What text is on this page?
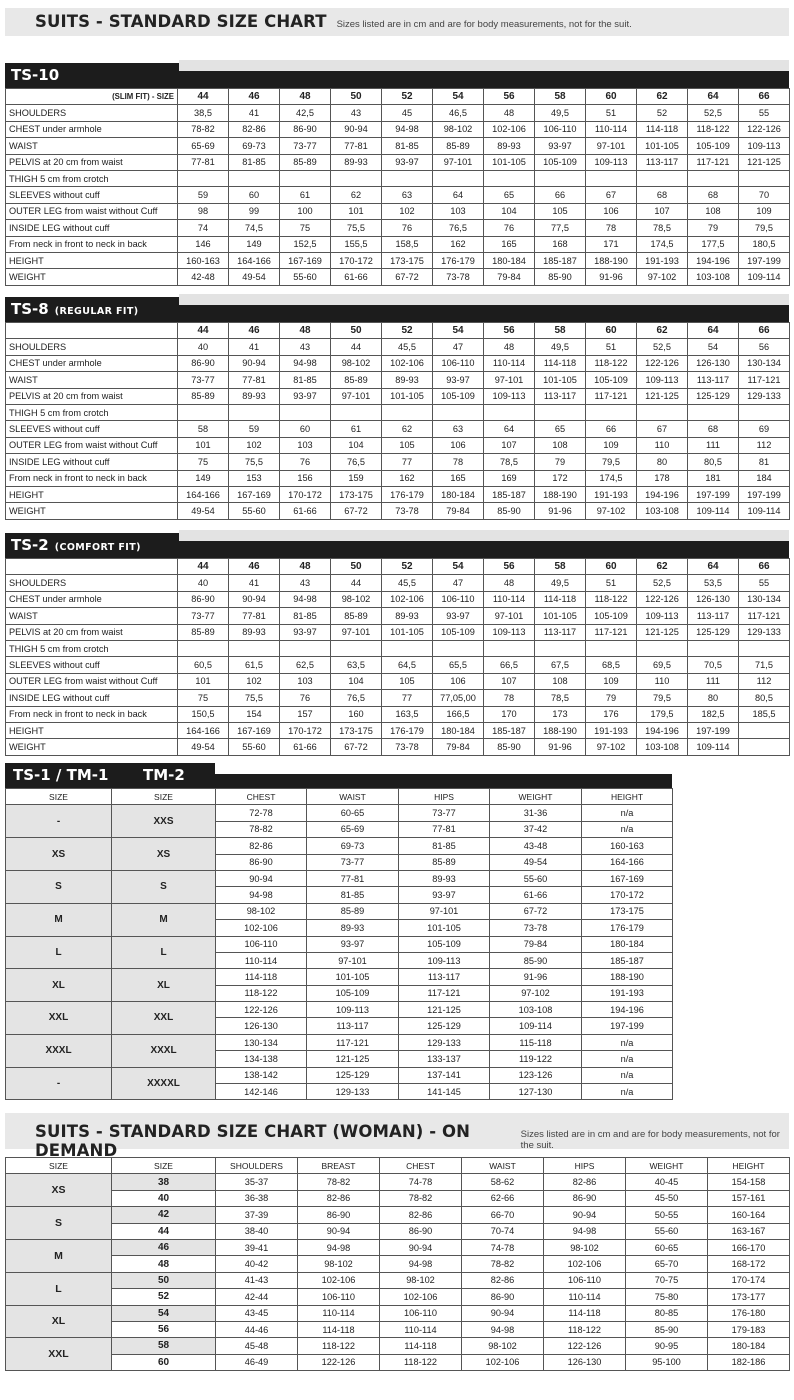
SUITS - STANDARD SIZE CHART Sizes listed are in cm and are for body measurements, not for the suit.
TS-10
(SLIM FIT) - SIZE	44	46	48	50	52	54	56	58	60	62	64	66
SHOULDERS	38,5	41	42,5	43	45	46,5	48	49,5	51	52	52,5	55
CHEST under armhole	78-82	82-86	86-90	90-94	94-98	98-102	102-106	106-110	110-114	114-118	118-122	122-126
WAIST	65-69	69-73	73-77	77-81	81-85	85-89	89-93	93-97	97-101	101-105	105-109	109-113
PELVIS at 20 cm from waist	77-81	81-85	85-89	89-93	93-97	97-101	101-105	105-109	109-113	113-117	117-121	121-125
THIGH 5 cm from crotch												
SLEEVES without cuff	59	60	61	62	63	64	65	66	67	68	68	70
OUTER LEG from waist without Cuff	98	99	100	101	102	103	104	105	106	107	108	109
INSIDE LEG without cuff	74	74,5	75	75,5	76	76,5	76	77,5	78	78,5	79	79,5
From neck in front to neck in back	146	149	152,5	155,5	158,5	162	165	168	171	174,5	177,5	180,5
HEIGHT	160-163	164-166	167-169	170-172	173-175	176-179	180-184	185-187	188-190	191-193	194-196	197-199
WEIGHT	42-48	49-54	55-60	61-66	67-72	73-78	79-84	85-90	91-96	97-102	103-108	109-114
TS-8 (REGULAR FIT)
	44	46	48	50	52	54	56	58	60	62	64	66
SHOULDERS	40	41	43	44	45,5	47	48	49,5	51	52,5	54	56
CHEST under armhole	86-90	90-94	94-98	98-102	102-106	106-110	110-114	114-118	118-122	122-126	126-130	130-134
WAIST	73-77	77-81	81-85	85-89	89-93	93-97	97-101	101-105	105-109	109-113	113-117	117-121
PELVIS at 20 cm from waist	85-89	89-93	93-97	97-101	101-105	105-109	109-113	113-117	117-121	121-125	125-129	129-133
THIGH 5 cm from crotch												
SLEEVES without cuff	58	59	60	61	62	63	64	65	66	67	68	69
OUTER LEG from waist without Cuff	101	102	103	104	105	106	107	108	109	110	111	112
INSIDE LEG without cuff	75	75,5	76	76,5	77	78	78,5	79	79,5	80	80,5	81
From neck in front to neck in back	149	153	156	159	162	165	169	172	174,5	178	181	184
HEIGHT	164-166	167-169	170-172	173-175	176-179	180-184	185-187	188-190	191-193	194-196	197-199	197-199
WEIGHT	49-54	55-60	61-66	67-72	73-78	79-84	85-90	91-96	97-102	103-108	109-114	109-114
TS-2 (COMFORT FIT)
	44	46	48	50	52	54	56	58	60	62	64	66
SHOULDERS	40	41	43	44	45,5	47	48	49,5	51	52,5	53,5	55
CHEST under armhole	86-90	90-94	94-98	98-102	102-106	106-110	110-114	114-118	118-122	122-126	126-130	130-134
WAIST	73-77	77-81	81-85	85-89	89-93	93-97	97-101	101-105	105-109	109-113	113-117	117-121
PELVIS at 20 cm from waist	85-89	89-93	93-97	97-101	101-105	105-109	109-113	113-117	117-121	121-125	125-129	129-133
THIGH 5 cm from crotch												
SLEEVES without cuff	60,5	61,5	62,5	63,5	64,5	65,5	66,5	67,5	68,5	69,5	70,5	71,5
OUTER LEG from waist without Cuff	101	102	103	104	105	106	107	108	109	110	111	112
INSIDE LEG without cuff	75	75,5	76	76,5	77	77,05,00	78	78,5	79	79,5	80	80,5
From neck in front to neck in back	150,5	154	157	160	163,5	166,5	170	173	176	179,5	182,5	185,5
HEIGHT	164-166	167-169	170-172	173-175	176-179	180-184	185-187	188-190	191-193	194-196	197-199	
WEIGHT	49-54	55-60	61-66	67-72	73-78	79-84	85-90	91-96	97-102	103-108	109-114	
TS-1 / TM-1	TM-2
SIZE	SIZE	CHEST	WAIST	HIPS	WEIGHT	HEIGHT
-	XXS	72-78	60-65	73-77	31-36	n/a
		78-82	65-69	77-81	37-42	n/a
XS	XS	82-86	69-73	81-85	43-48	160-163
		86-90	73-77	85-89	49-54	164-166
S	S	90-94	77-81	89-93	55-60	167-169
		94-98	81-85	93-97	61-66	170-172
M	M	98-102	85-89	97-101	67-72	173-175
		102-106	89-93	101-105	73-78	176-179
L	L	106-110	93-97	105-109	79-84	180-184
		110-114	97-101	109-113	85-90	185-187
XL	XL	114-118	101-105	113-117	91-96	188-190
		118-122	105-109	117-121	97-102	191-193
XXL	XXL	122-126	109-113	121-125	103-108	194-196
		126-130	113-117	125-129	109-114	197-199
XXXL	XXXL	130-134	117-121	129-133	115-118	n/a
		134-138	121-125	133-137	119-122	n/a
-	XXXXL	138-142	125-129	137-141	123-126	n/a
		142-146	129-133	141-145	127-130	n/a
SUITS - STANDARD SIZE CHART (WOMAN) - ON DEMAND
Sizes listed are in cm and are for body measurements, not for the suit.
SIZE	SIZE	SHOULDERS	BREAST	CHEST	WAIST	HIPS	WEIGHT	HEIGHT
XS	38	35-37	78-82	74-78	58-62	82-86	40-45	154-158
	40	36-38	82-86	78-82	62-66	86-90	45-50	157-161
S	42	37-39	86-90	82-86	66-70	90-94	50-55	160-164
	44	38-40	90-94	86-90	70-74	94-98	55-60	163-167
M	46	39-41	94-98	90-94	74-78	98-102	60-65	166-170
	48	40-42	98-102	94-98	78-82	102-106	65-70	168-172
L	50	41-43	102-106	98-102	82-86	106-110	70-75	170-174
	52	42-44	106-110	102-106	86-90	110-114	75-80	173-177
XL	54	43-45	110-114	106-110	90-94	114-118	80-85	176-180
	56	44-46	114-118	110-114	94-98	118-122	85-90	179-183
XXL	58	45-48	118-122	114-118	98-102	122-126	90-95	180-184
	60	46-49	122-126	118-122	102-106	126-130	95-100	182-186
